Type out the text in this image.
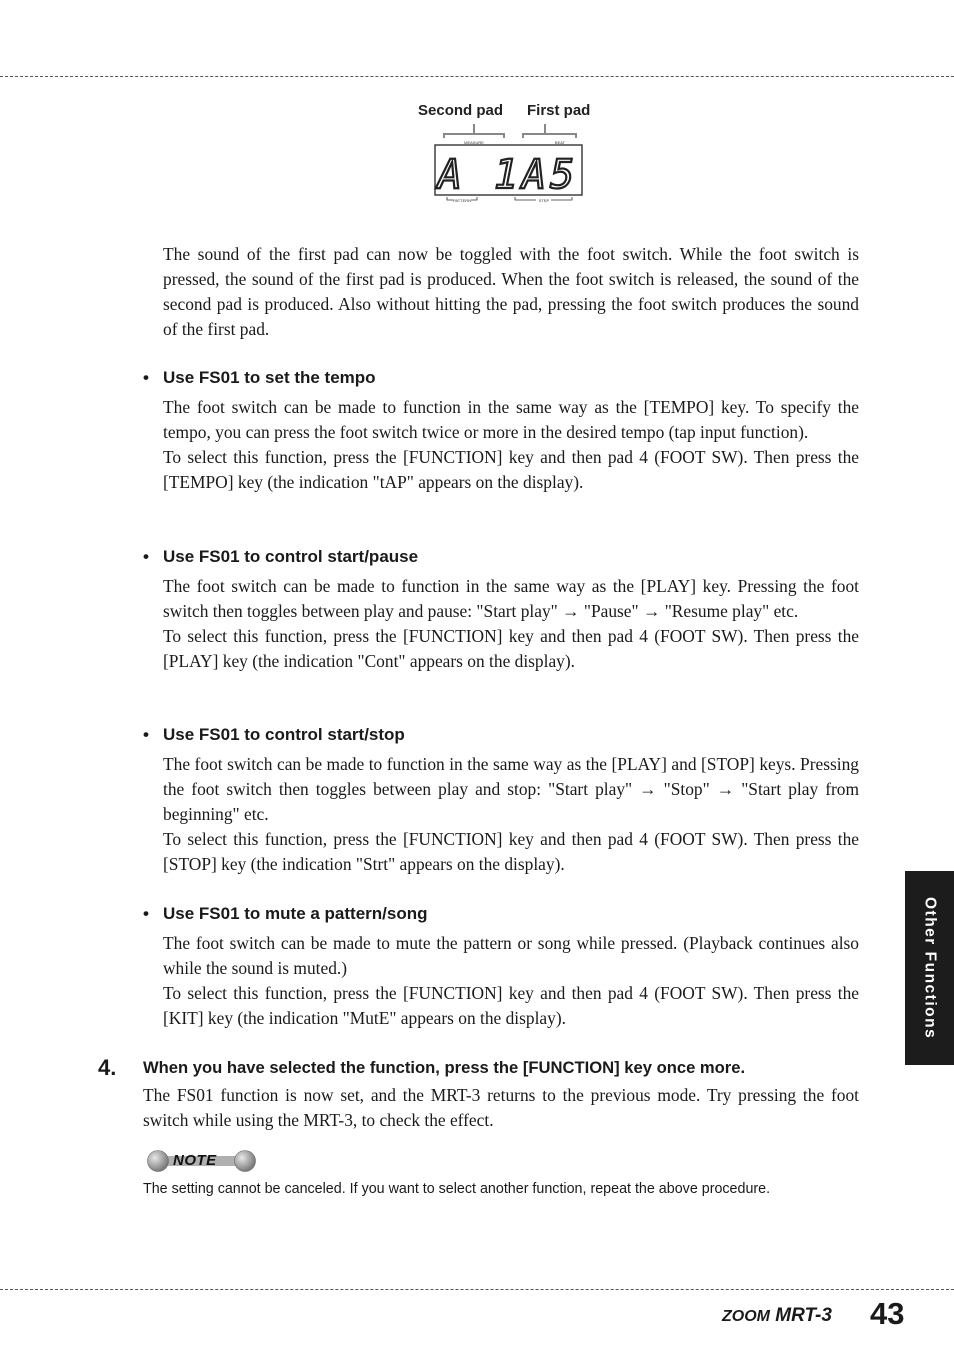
Second pad First pad
MEASURE	BEAT
A 1A5
PATTERN	STEP

The sound of the first pad can now be toggled with the foot switch. While the foot switch is pressed, the sound of the first pad is produced. When the foot switch is released, the sound of the second pad is produced. Also without hitting the pad, pressing the foot switch produces the sound of the first pad.

• Use FS01 to set the tempo

The foot switch can be made to function in the same way as the [TEMPO] key. To specify the tempo, you can press the foot switch twice or more in the desired tempo (tap input function).

To select this function, press the [FUNCTION] key and then pad 4 (FOOT SW). Then press the [TEMPO] key (the indication "tAP" appears on the display).

• Use FS01 to control start/pause

The foot switch can be made to function in the same way as the [PLAY] key. Pressing the foot switch then toggles between play and pause: "Start play" → "Pause" → "Resume play" etc.

To select this function, press the [FUNCTION] key and then pad 4 (FOOT SW). Then press the [PLAY] key (the indication "Cont" appears on the display).

• Use FS01 to control start/stop

The foot switch can be made to function in the same way as the [PLAY] and [STOP] keys. Pressing the foot switch then toggles between play and stop: "Start play" → "Stop" → "Start play from beginning" etc.

To select this function, press the [FUNCTION] key and then pad 4 (FOOT SW). Then press the [STOP] key (the indication "Strt" appears on the display).

• Use FS01 to mute a pattern/song

The foot switch can be made to mute the pattern or song while pressed. (Playback continues also while the sound is muted.)

To select this function, press the [FUNCTION] key and then pad 4 (FOOT SW). Then press the [KIT] key (the indication "MutE" appears on the display).

4. When you have selected the function, press the [FUNCTION] key once more.

The FS01 function is now set, and the MRT-3 returns to the previous mode. Try pressing the foot switch while using the MRT-3, to check the effect.

NOTE

The setting cannot be canceled. If you want to select another function, repeat the above procedure.

Other Functions
ZOOM MRT-3 43
